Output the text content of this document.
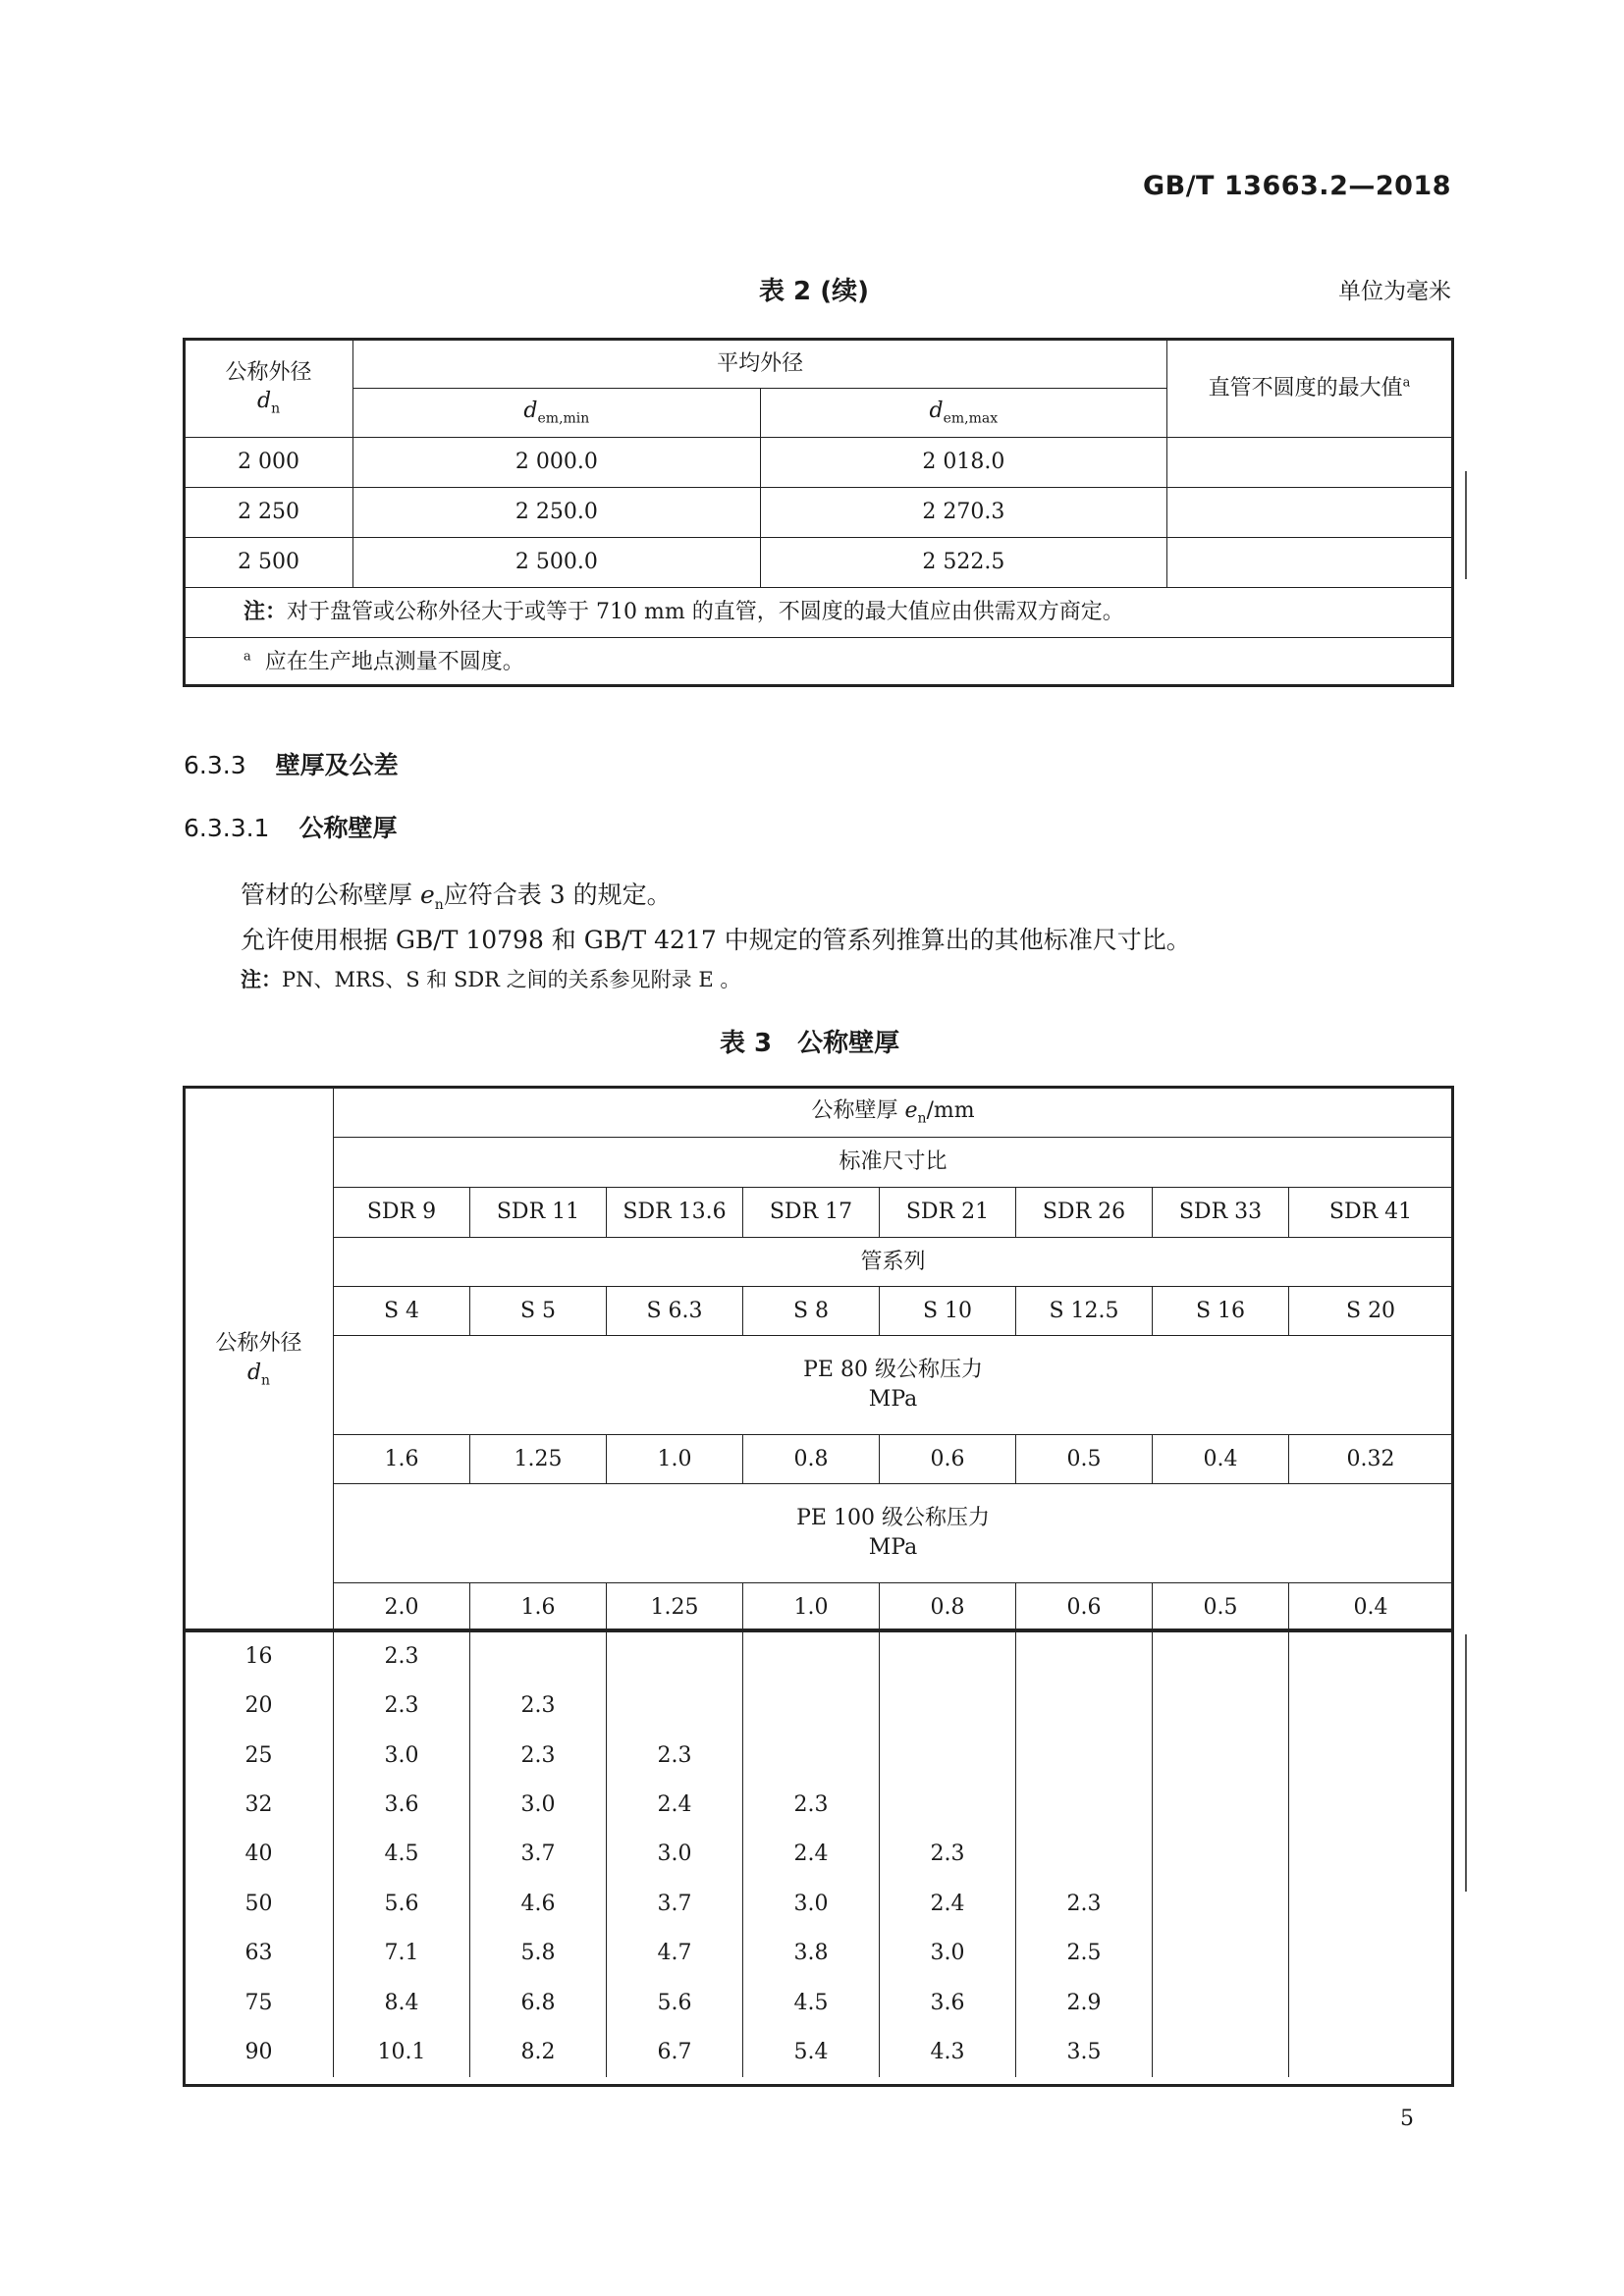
GB/T 13663.2—2018
表 2 (续)	单位为毫米
公称外径
$d_n$	平均外径		直管不圆度的最大值$^a$
	$d_{em,min}$	$d_{em,max}$
2 000	2 000.0	2 018.0	
2 250	2 250.0	2 270.3	
2 500	2 500.0	2 522.5	
注：对于盘管或公称外径大于或等于 710 mm 的直管，不圆度的最大值应由供需双方商定。			
$^a$ 应在生产地点测量不圆度。			
6.3.3 壁厚及公差
6.3.3.1 公称壁厚
管材的公称壁厚 $e_n$应符合表 3 的规定。
允许使用根据 GB/T 10798 和 GB/T 4217 中规定的管系列推算出的其他标准尺寸比。
注：PN、MRS、S 和 SDR 之间的关系参见附录 E 。
表 3　公称壁厚
公称外径
$d_n$	公称壁厚 $e_n/mm$							
	标准尺寸比							
	SDR 9	SDR 11	SDR 13.6	SDR 17	SDR 21	SDR 26	SDR 33	SDR 41
	管系列							
	S 4	S 5	S 6.3	S 8	S 10	S 12.5	S 16	S 20

	PE 80 级公称压力
MPa							

	1.6	1.25	1.0	0.8	0.6	0.5	0.4	0.32

	PE 100 级公称压力
MPa							

	2.0	1.6	1.25	1.0	0.8	0.6	0.5	0.4
16	2.3							
20	2.3	2.3						
25	3.0	2.3	2.3					
32	3.6	3.0	2.4	2.3				
40	4.5	3.7	3.0	2.4	2.3			
50	5.6	4.6	3.7	3.0	2.4	2.3		
63	7.1	5.8	4.7	3.8	3.0	2.5		
75	8.4	6.8	5.6	4.5	3.6	2.9		
90	10.1	8.2	6.7	5.4	4.3	3.5		
5
